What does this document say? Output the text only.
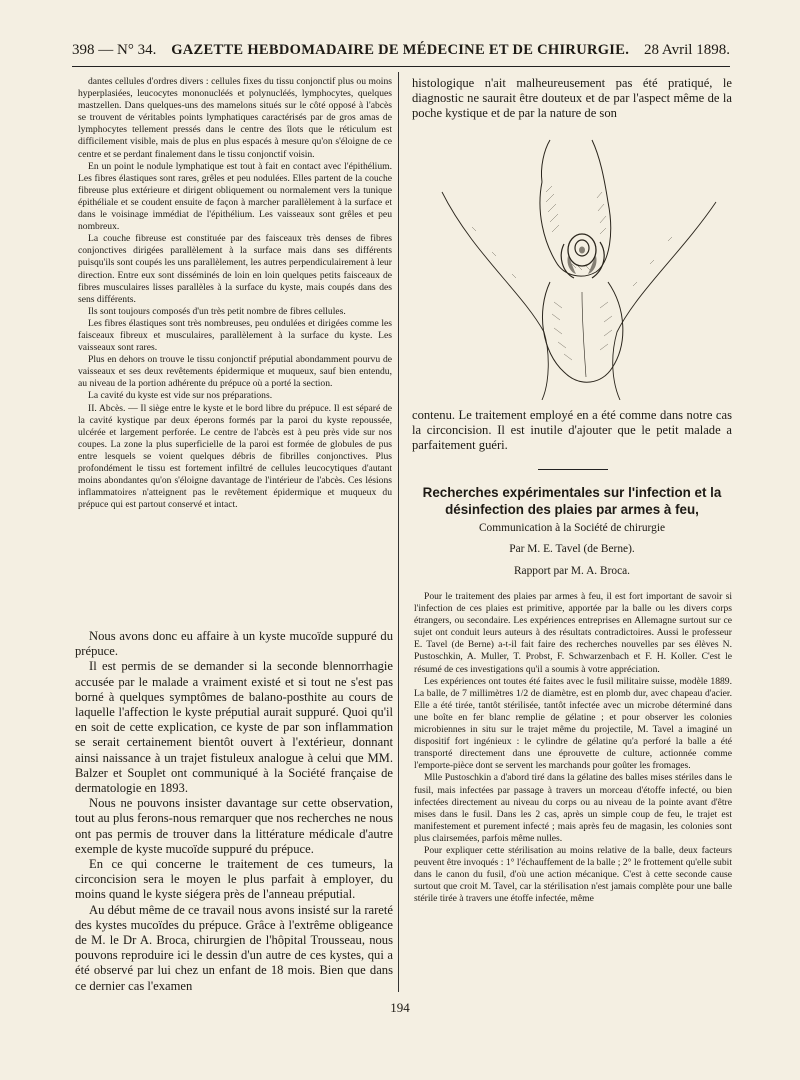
398 — N° 34. GAZETTE HEBDOMADAIRE DE MÉDECINE ET DE CHIRURGIE. 28 Avril 1898.

dantes cellules d'ordres divers : cellules fixes du tissu conjonctif plus ou moins hyperplasiées, leucocytes mononucléés et polynucléés, lymphocytes, quelques mastzellen. Dans quelques-uns des mamelons situés sur le côté opposé à l'abcès se trouvent de véritables points lymphatiques caractérisés par de gros amas de lymphocytes tellement pressés dans le centre des îlots que le réticulum est difficilement visible, mais de plus en plus espacés à mesure qu'on s'éloigne de ce centre et se perdant finalement dans le tissu conjonctif voisin.

En un point le nodule lymphatique est tout à fait en contact avec l'épithélium. Les fibres élastiques sont rares, grêles et peu nodulées. Elles partent de la couche fibreuse plus extérieure et dirigent obliquement ou normalement vers la tunique épithéliale et se coudent ensuite de façon à marcher parallèlement à la surface et dans le voisinage immédiat de l'épithélium. Les vaisseaux sont grêles et peu nombreux.

La couche fibreuse est constituée par des faisceaux très denses de fibres conjonctives dirigées parallèlement à la surface mais dans ses différents puisqu'ils sont coupés les uns parallèlement, les autres perpendiculairement à leur direction. Entre eux sont disséminés de loin en loin quelques petits faisceaux de fibres musculaires lisses parallèles à la surface du kyste, mais coupés dans des sens différents.

Ils sont toujours composés d'un très petit nombre de fibres cellules.

Les fibres élastiques sont très nombreuses, peu ondulées et dirigées comme les faisceaux fibreux et musculaires, parallèlement à la surface du kyste. Les vaisseaux sont rares.

Plus en dehors on trouve le tissu conjonctif préputial abondamment pourvu de vaisseaux et ses deux revêtements épidermique et muqueux, sauf bien entendu, au niveau de la portion adhérente du prépuce où a porté la section.

La cavité du kyste est vide sur nos préparations.

II. Abcès. — Il siège entre le kyste et le bord libre du prépuce. Il est séparé de la cavité kystique par deux éperons formés par la paroi du kyste repoussée, ulcérée et largement perforée. Le centre de l'abcès est à peu près vide sur nos coupes. La zone la plus superficielle de la paroi est formée de globules de pus entre lesquels se voient quelques débris de fibrilles conjonctives. Plus profondément le tissu est fortement infiltré de cellules leucocytiques d'autant moins abondantes qu'on s'éloigne davantage de l'intérieur de l'abcès. Ces lésions inflammatoires n'atteignent pas le revêtement épidermique et muqueux du prépuce qui est partout conservé et intact.

Nous avons donc eu affaire à un kyste mucoïde suppuré du prépuce.

Il est permis de se demander si la seconde blennorrhagie accusée par le malade a vraiment existé et si tout ne s'est pas borné à quelques symptômes de balano-posthite au cours de laquelle l'affection le kyste préputial aurait suppuré. Quoi qu'il en soit de cette explication, ce kyste de par son inflammation se serait certainement bientôt ouvert à l'extérieur, donnant ainsi naissance à un trajet fistuleux analogue à celui que MM. Balzer et Souplet ont communiqué à la Société française de dermatologie en 1893.

Nous ne pouvons insister davantage sur cette observation, tout au plus ferons-nous remarquer que nos recherches ne nous ont pas permis de trouver dans la littérature médicale d'autre exemple de kyste mucoïde suppuré du prépuce.

En ce qui concerne le traitement de ces tumeurs, la circoncision sera le moyen le plus parfait à employer, du moins quand le kyste siégera près de l'anneau préputial.

Au début même de ce travail nous avons insisté sur la rareté des kystes mucoïdes du prépuce. Grâce à l'extrême obligeance de M. le Dr A. Broca, chirurgien de l'hôpital Trousseau, nous pouvons reproduire ici le dessin d'un autre de ces kystes, qui a été observé par lui chez un enfant de 18 mois. Bien que dans ce dernier cas l'examen

histologique n'ait malheureusement pas été pratiqué, le diagnostic ne saurait être douteux et de par l'aspect même de la poche kystique et de par la nature de son

contenu. Le traitement employé en a été comme dans notre cas la circoncision. Il est inutile d'ajouter que le petit malade a parfaitement guéri.

Recherches expérimentales sur l'infection et la désinfection des plaies par armes à feu,
Communication à la Société de chirurgie
Par M. E. Tavel (de Berne).
Rapport par M. A. Broca.

Pour le traitement des plaies par armes à feu, il est fort important de savoir si l'infection de ces plaies est primitive, apportée par la balle ou les divers corps étrangers, ou secondaire. Les expériences entreprises en Allemagne surtout sur ce sujet ont conduit leurs auteurs à des résultats contradictoires. Aussi le professeur E. Tavel (de Berne) a-t-il fait faire des recherches nouvelles par ses élèves N. Pustoschkin, A. Muller, T. Probst, F. Schwarzenbach et F. H. Koller. C'est le résumé de ces investigations qu'il a soumis à votre appréciation.

Les expériences ont toutes été faites avec le fusil militaire suisse, modèle 1889. La balle, de 7 millimètres 1/2 de diamètre, est en plomb dur, avec chapeau d'acier. Elle a été tirée, tantôt stérilisée, tantôt infectée avec un microbe déterminé dans une boîte en fer blanc remplie de gélatine ; et pour observer les colonies microbiennes in situ sur le trajet même du projectile, M. Tavel a imaginé un dispositif fort ingénieux : le cylindre de gélatine qu'a perforé la balle a été transporté directement dans une éprouvette de culture, actionnée comme l'emporte-pièce dont se servent les marchands pour goûter les fromages.

Mlle Pustoschkin a d'abord tiré dans la gélatine des balles mises stériles dans le fusil, mais infectées par passage à travers un morceau d'étoffe infecté, ou bien infectées directement au niveau du corps ou au niveau de la pointe avant d'être mises dans le fusil. Dans les 2 cas, après un simple coup de feu, le trajet est manifestement et purement infecté ; mais après feu de magasin, les colonies sont plus clairsemées, parfois même nulles.

Pour expliquer cette stérilisation au moins relative de la balle, deux facteurs peuvent être invoqués : 1° l'échauffement de la balle ; 2° le frottement qu'elle subit dans le canon du fusil, d'où une action mécanique. C'est à cette seconde cause surtout que croit M. Tavel, car la stérilisation n'est jamais complète pour une balle stérile tirée à travers une étoffe infectée, même

194
